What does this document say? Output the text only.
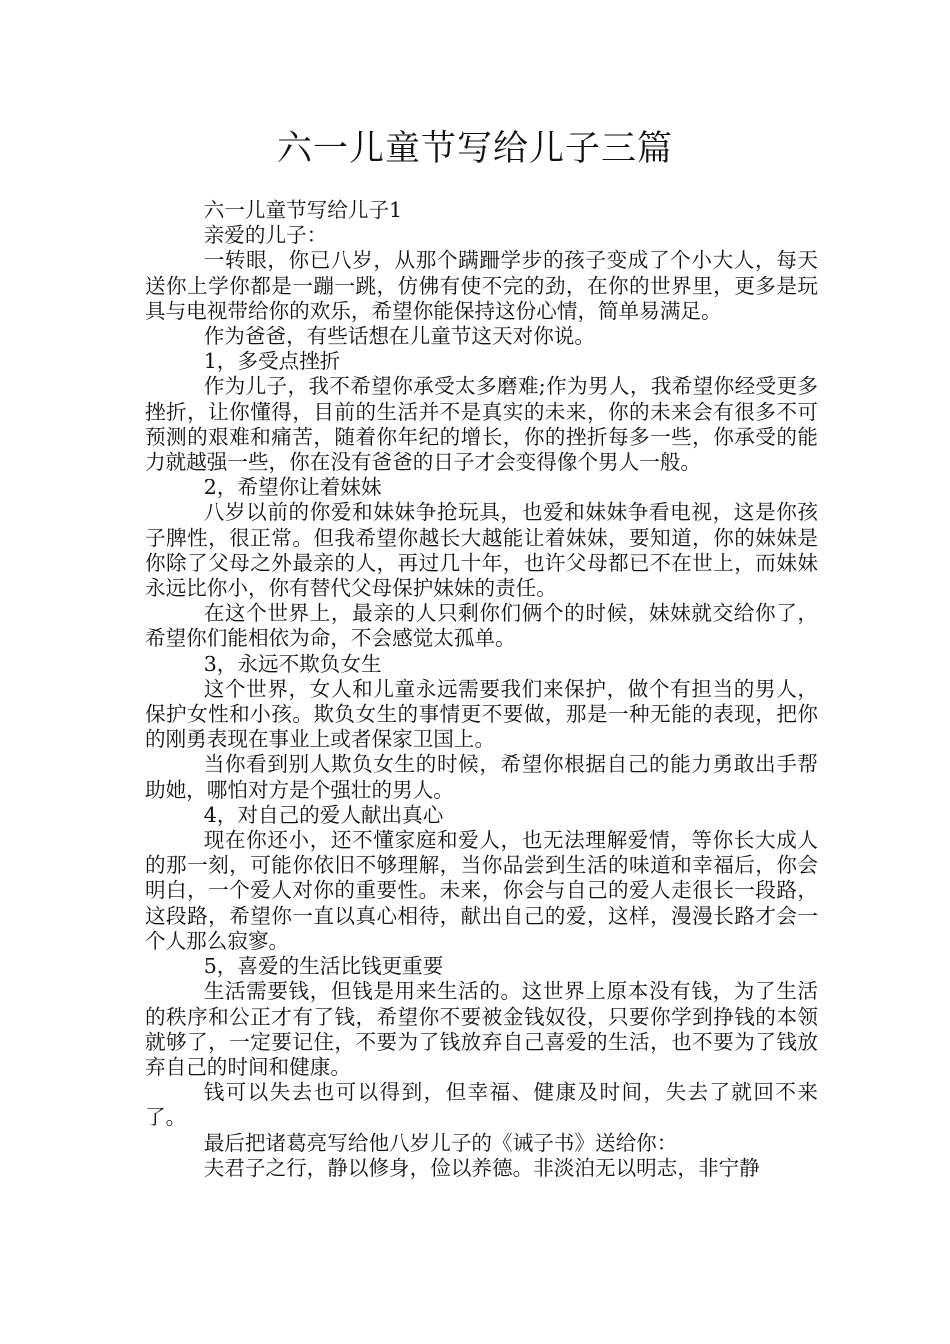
六一儿童节写给儿子三篇

六一儿童节写给儿子1

亲爱的儿子：

一转眼，你已八岁，从那个蹒跚学步的孩子变成了个小大人，每天送你上学你都是一蹦一跳，仿佛有使不完的劲，在你的世界里，更多是玩具与电视带给你的欢乐，希望你能保持这份心情，简单易满足。

作为爸爸，有些话想在儿童节这天对你说。

1，多受点挫折

作为儿子，我不希望你承受太多磨难;作为男人，我希望你经受更多挫折，让你懂得，目前的生活并不是真实的未来，你的未来会有很多不可预测的艰难和痛苦，随着你年纪的增长，你的挫折每多一些，你承受的能力就越强一些，你在没有爸爸的日子才会变得像个男人一般。

2，希望你让着妹妹

八岁以前的你爱和妹妹争抢玩具，也爱和妹妹争看电视，这是你孩子脾性，很正常。但我希望你越长大越能让着妹妹，要知道，你的妹妹是你除了父母之外最亲的人，再过几十年，也许父母都已不在世上，而妹妹永远比你小，你有替代父母保护妹妹的责任。

在这个世界上，最亲的人只剩你们俩个的时候，妹妹就交给你了，希望你们能相依为命，不会感觉太孤单。

3，永远不欺负女生

这个世界，女人和儿童永远需要我们来保护，做个有担当的男人，保护女性和小孩。欺负女生的事情更不要做，那是一种无能的表现，把你的刚勇表现在事业上或者保家卫国上。

当你看到别人欺负女生的时候，希望你根据自己的能力勇敢出手帮助她，哪怕对方是个强壮的男人。

4，对自己的爱人献出真心

现在你还小，还不懂家庭和爱人，也无法理解爱情，等你长大成人的那一刻，可能你依旧不够理解，当你品尝到生活的味道和幸福后，你会明白，一个爱人对你的重要性。未来，你会与自己的爱人走很长一段路，这段路，希望你一直以真心相待，献出自己的爱，这样，漫漫长路才会一个人那么寂寥。

5，喜爱的生活比钱更重要

生活需要钱，但钱是用来生活的。这世界上原本没有钱，为了生活的秩序和公正才有了钱，希望你不要被金钱奴役，只要你学到挣钱的本领就够了，一定要记住，不要为了钱放弃自己喜爱的生活，也不要为了钱放弃自己的时间和健康。

钱可以失去也可以得到，但幸福、健康及时间，失去了就回不来了。

最后把诸葛亮写给他八岁儿子的《诫子书》送给你：

夫君子之行，静以修身，俭以养德。非淡泊无以明志，非宁静
